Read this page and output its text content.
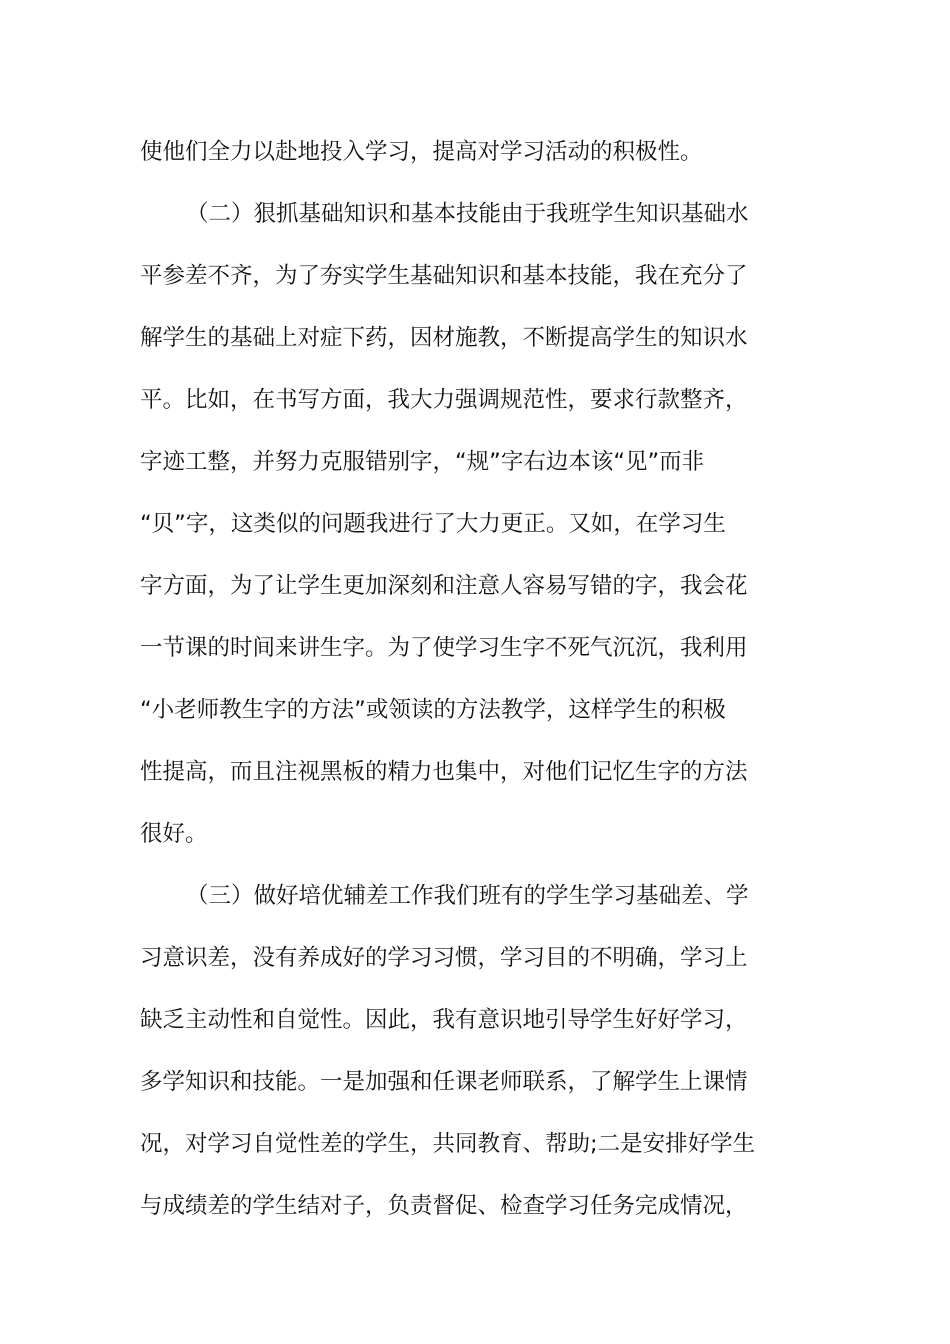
使他们全力以赴地投入学习，提高对学习活动的积极性。
（二）狠抓基础知识和基本技能由于我班学生知识基础水
平参差不齐，为了夯实学生基础知识和基本技能，我在充分了
解学生的基础上对症下药，因材施教，不断提高学生的知识水
平。比如，在书写方面，我大力强调规范性，要求行款整齐，
字迹工整，并努力克服错别字，“规”字右边本该“见”而非
“贝”字，这类似的问题我进行了大力更正。又如，在学习生
字方面，为了让学生更加深刻和注意人容易写错的字，我会花
一节课的时间来讲生字。为了使学习生字不死气沉沉，我利用
“小老师教生字的方法”或领读的方法教学，这样学生的积极
性提高，而且注视黑板的精力也集中，对他们记忆生字的方法
很好。
（三）做好培优辅差工作我们班有的学生学习基础差、学
习意识差，没有养成好的学习习惯，学习目的不明确，学习上
缺乏主动性和自觉性。因此，我有意识地引导学生好好学习，
多学知识和技能。一是加强和任课老师联系，了解学生上课情
况，对学习自觉性差的学生，共同教育、帮助;二是安排好学生
与成绩差的学生结对子，负责督促、检查学习任务完成情况，
